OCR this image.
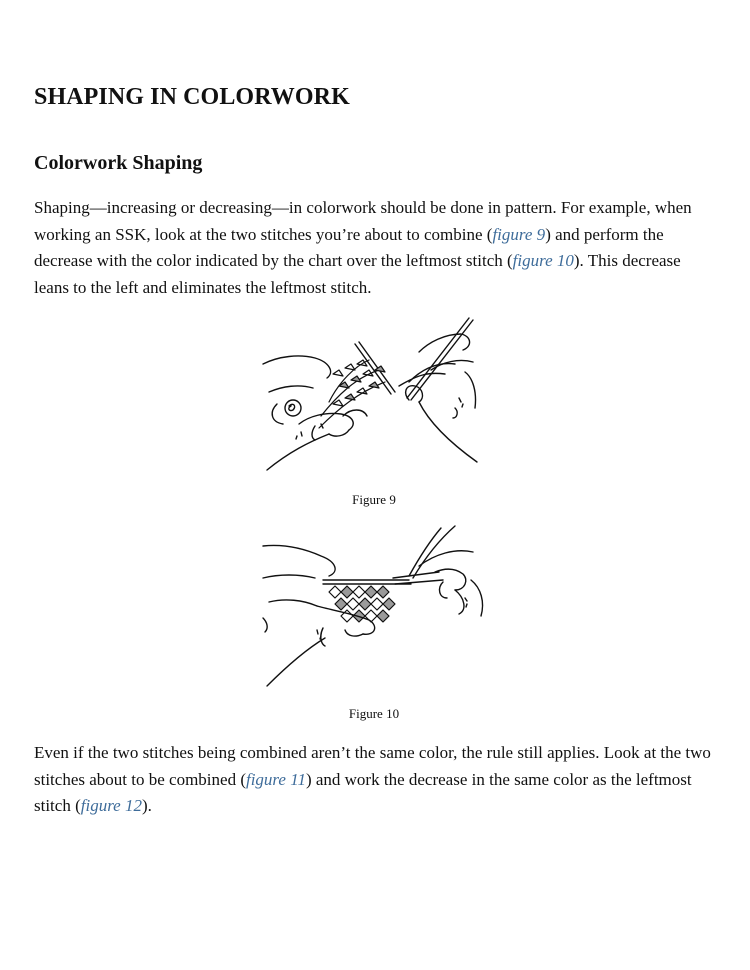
SHAPING IN COLORWORK
Colorwork Shaping

Shaping—increasing or decreasing—in colorwork should be done in pattern. For example, when working an SSK, look at the two stitches you’re about to combine (figure 9) and perform the decrease with the color indicated by the chart over the leftmost stitch (figure 10). This decrease leans to the left and eliminates the leftmost stitch.

Figure 9
Figure 10

Even if the two stitches being combined aren’t the same color, the rule still applies. Look at the two stitches about to be combined (figure 11) and work the decrease in the same color as the leftmost stitch (figure 12).
